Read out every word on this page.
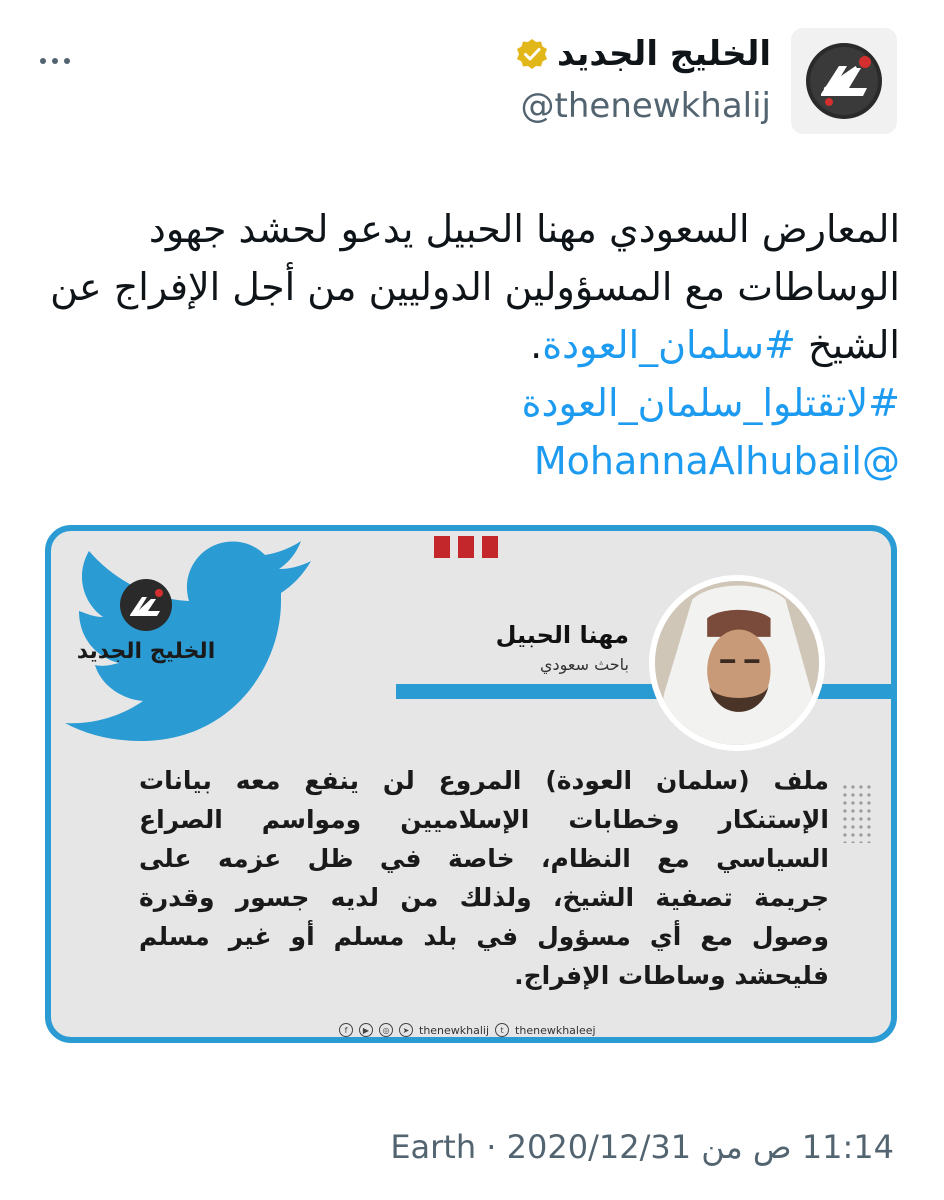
الخليج الجديد
@thenewkhalij
المعارض السعودي مهنا الحبيل يدعو لحشد جهود
الوساطات مع المسؤولين الدوليين من أجل الإفراج عن
الشيخ #سلمان_العودة.
#لاتقتلوا_سلمان_العودة
@MohannaAlhubail
الخليج الجديد
مهنا الحبيل
باحث سعودي
ملف (سلمان العودة) المروع لن ينفع معه بيانات
الإستنكار وخطابات الإسلاميين ومواسم الصراع
السياسي مع النظام، خاصة في ظل عزمه على
جريمة تصفية الشيخ، ولذلك من لديه جسور وقدرة
وصول مع أي مسؤول في بلد مسلم أو غير مسلم
فليحشد وساطات الإفراج.
f	▶	◎	➤ thenewkhalij	t	thenewkhaleej
11:14 ص من Earth · 2020/12/31
